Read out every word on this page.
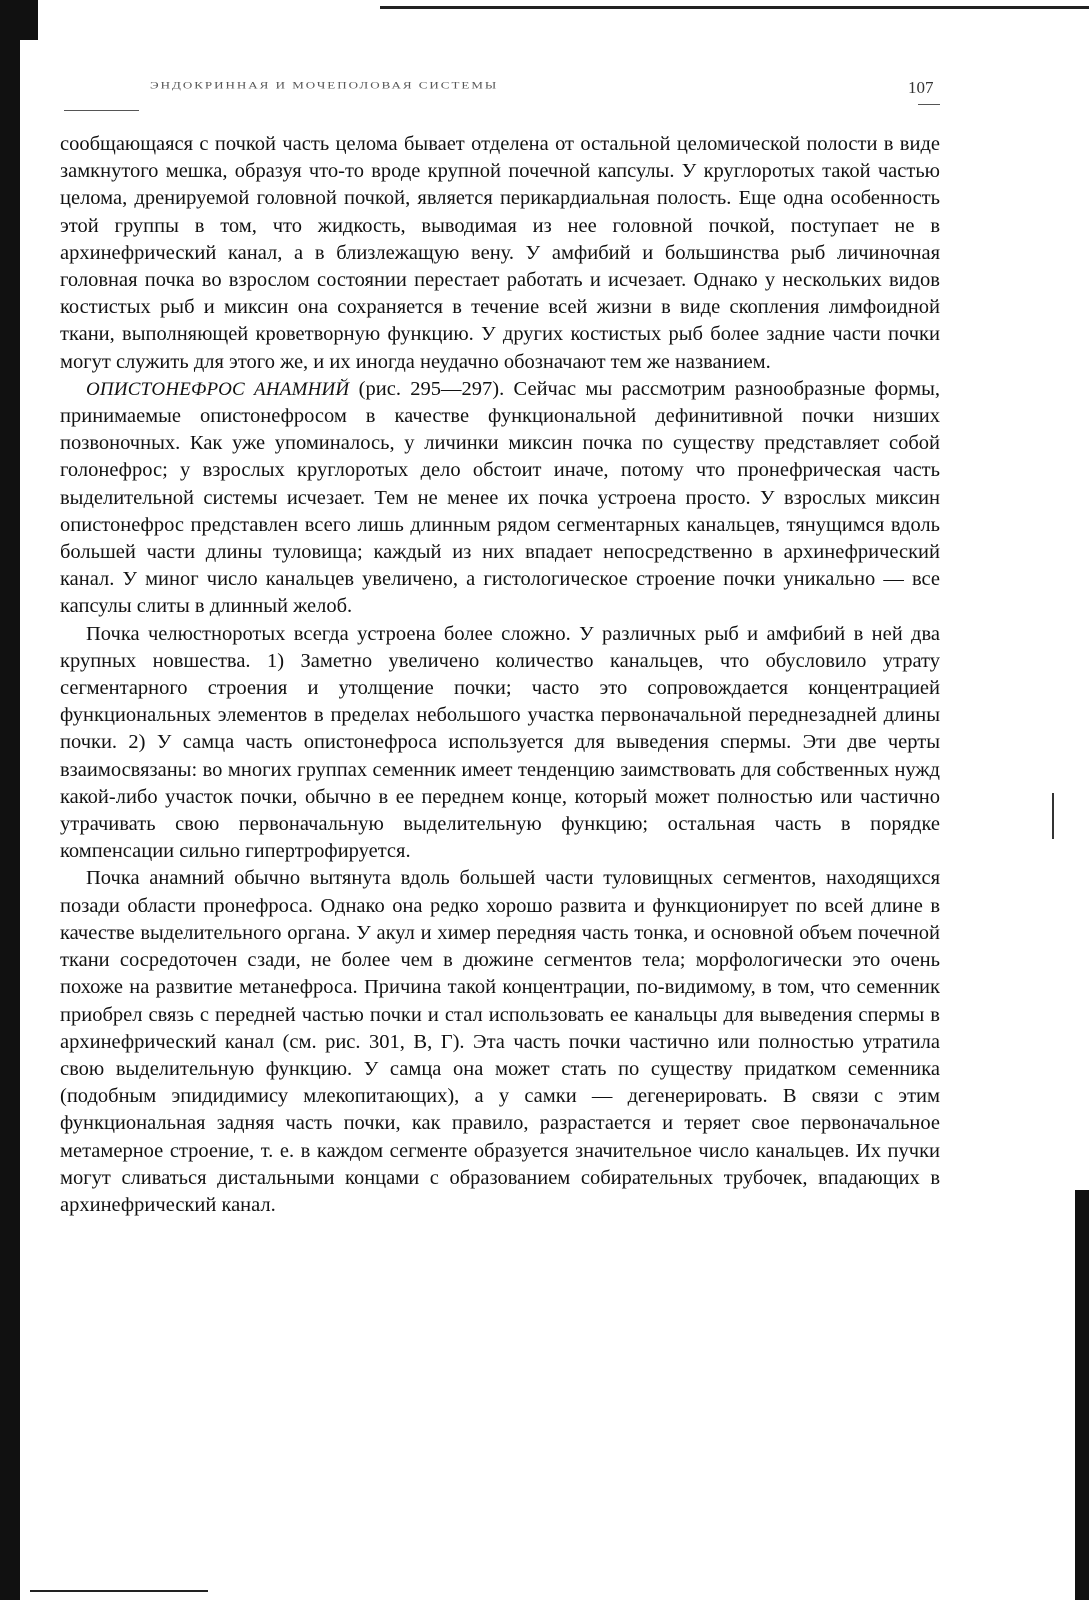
ЭНДОКРИННАЯ И МОЧЕПОЛОВАЯ СИСТЕМЫ	107

сообщающаяся с почкой часть целома бывает отделена от остальной целомической полости в виде замкнутого мешка, образуя что-то вроде крупной почечной капсулы. У круглоротых такой частью целома, дренируемой головной почкой, является перикардиальная полость. Еще одна особенность этой группы в том, что жидкость, выводимая из нее головной почкой, поступает не в архинефрический канал, а в близлежащую вену. У амфибий и большинства рыб личиночная головная почка во взрослом состоянии перестает работать и исчезает. Однако у нескольких видов костистых рыб и миксин она сохраняется в течение всей жизни в виде скопления лимфоидной ткани, выполняющей кроветворную функцию. У других костистых рыб более задние части почки могут служить для этого же, и их иногда неудачно обозначают тем же названием.

ОПИСТОНЕФРОС АНАМНИЙ (рис. 295—297). Сейчас мы рассмотрим разнообразные формы, принимаемые опистонефросом в качестве функциональной дефинитивной почки низших позвоночных. Как уже упоминалось, у личинки миксин почка по существу представляет собой голонефрос; у взрослых круглоротых дело обстоит иначе, потому что пронефрическая часть выделительной системы исчезает. Тем не менее их почка устроена просто. У взрослых миксин опистонефрос представлен всего лишь длинным рядом сегментарных канальцев, тянущимся вдоль большей части длины туловища; каждый из них впадает непосредственно в архинефрический канал. У миног число канальцев увеличено, а гистологическое строение почки уникально — все капсулы слиты в длинный желоб.

Почка челюстноротых всегда устроена более сложно. У различных рыб и амфибий в ней два крупных новшества. 1) Заметно увеличено количество канальцев, что обусловило утрату сегментарного строения и утолщение почки; часто это сопровождается концентрацией функциональных элементов в пределах небольшого участка первоначальной переднезадней длины почки. 2) У самца часть опистонефроса используется для выведения спермы. Эти две черты взаимосвязаны: во многих группах семенник имеет тенденцию заимствовать для собственных нужд какой-либо участок почки, обычно в ее переднем конце, который может полностью или частично утрачивать свою первоначальную выделительную функцию; остальная часть в порядке компенсации сильно гипертрофируется.

Почка анамний обычно вытянута вдоль большей части туловищных сегментов, находящихся позади области пронефроса. Однако она редко хорошо развита и функционирует по всей длине в качестве выделительного органа. У акул и химер передняя часть тонка, и основной объем почечной ткани сосредоточен сзади, не более чем в дюжине сегментов тела; морфологически это очень похоже на развитие метанефроса. Причина такой концентрации, по-видимому, в том, что семенник приобрел связь с передней частью почки и стал использовать ее канальцы для выведения спермы в архинефрический канал (см. рис. 301, В, Г). Эта часть почки частично или полностью утратила свою выделительную функцию. У самца она может стать по существу придатком семенника (подобным эпидидимису млекопитающих), а у самки — дегенерировать. В связи с этим функциональная задняя часть почки, как правило, разрастается и теряет свое первоначальное метамерное строение, т. е. в каждом сегменте образуется значительное число канальцев. Их пучки могут сливаться дистальными концами с образованием собирательных трубочек, впадающих в архинефрический канал.
